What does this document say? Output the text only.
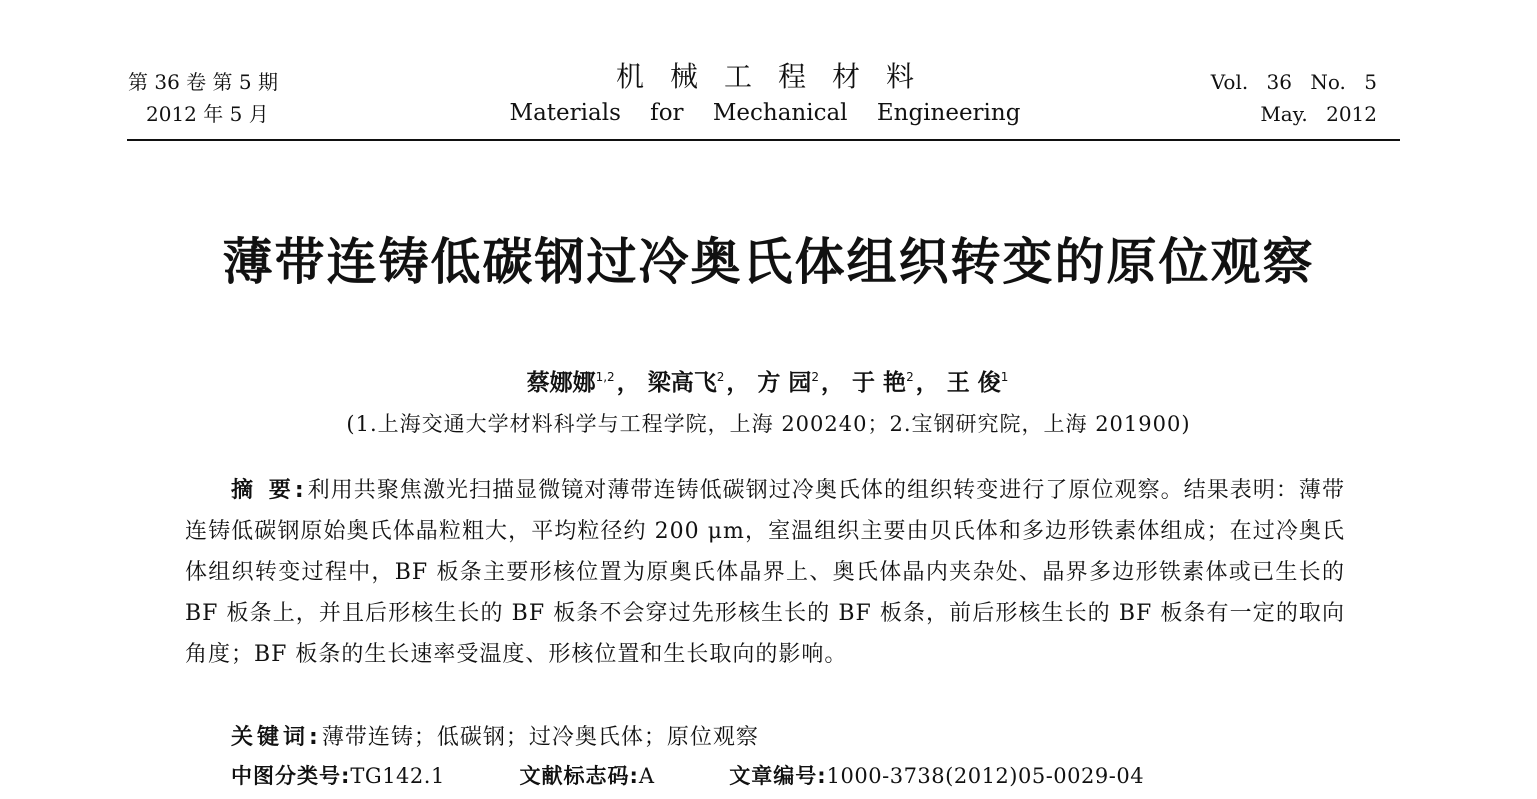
第 36 卷 第 5 期
2012 年 5 月
机械工程材料
Materials for Mechanical Engineering
Vol. 36 No. 5
May. 2012
薄带连铸低碳钢过冷奥氏体组织转变的原位观察
蔡娜娜$^{1,2}$， 梁高飞$^2$， 方 园$^2$， 于 艳$^2$， 王 俊$^1$
(1.上海交通大学材料科学与工程学院，上海 200240；2.宝钢研究院，上海 201900)
摘 要:利用共聚焦激光扫描显微镜对薄带连铸低碳钢过冷奥氏体的组织转变进行了原位观察。结果表明：薄带连铸低碳钢原始奥氏体晶粒粗大，平均粒径约 200 μm，室温组织主要由贝氏体和多边形铁素体组成；在过冷奥氏体组织转变过程中，BF 板条主要形核位置为原奥氏体晶界上、奥氏体晶内夹杂处、晶界多边形铁素体或已生长的 BF 板条上，并且后形核生长的 BF 板条不会穿过先形核生长的 BF 板条，前后形核生长的 BF 板条有一定的取向角度；BF 板条的生长速率受温度、形核位置和生长取向的影响。
关键词:薄带连铸；低碳钢；过冷奥氏体；原位观察
中图分类号:TG142.1	文献标志码:A	文章编号:1000-3738(2012)05-0029-04
